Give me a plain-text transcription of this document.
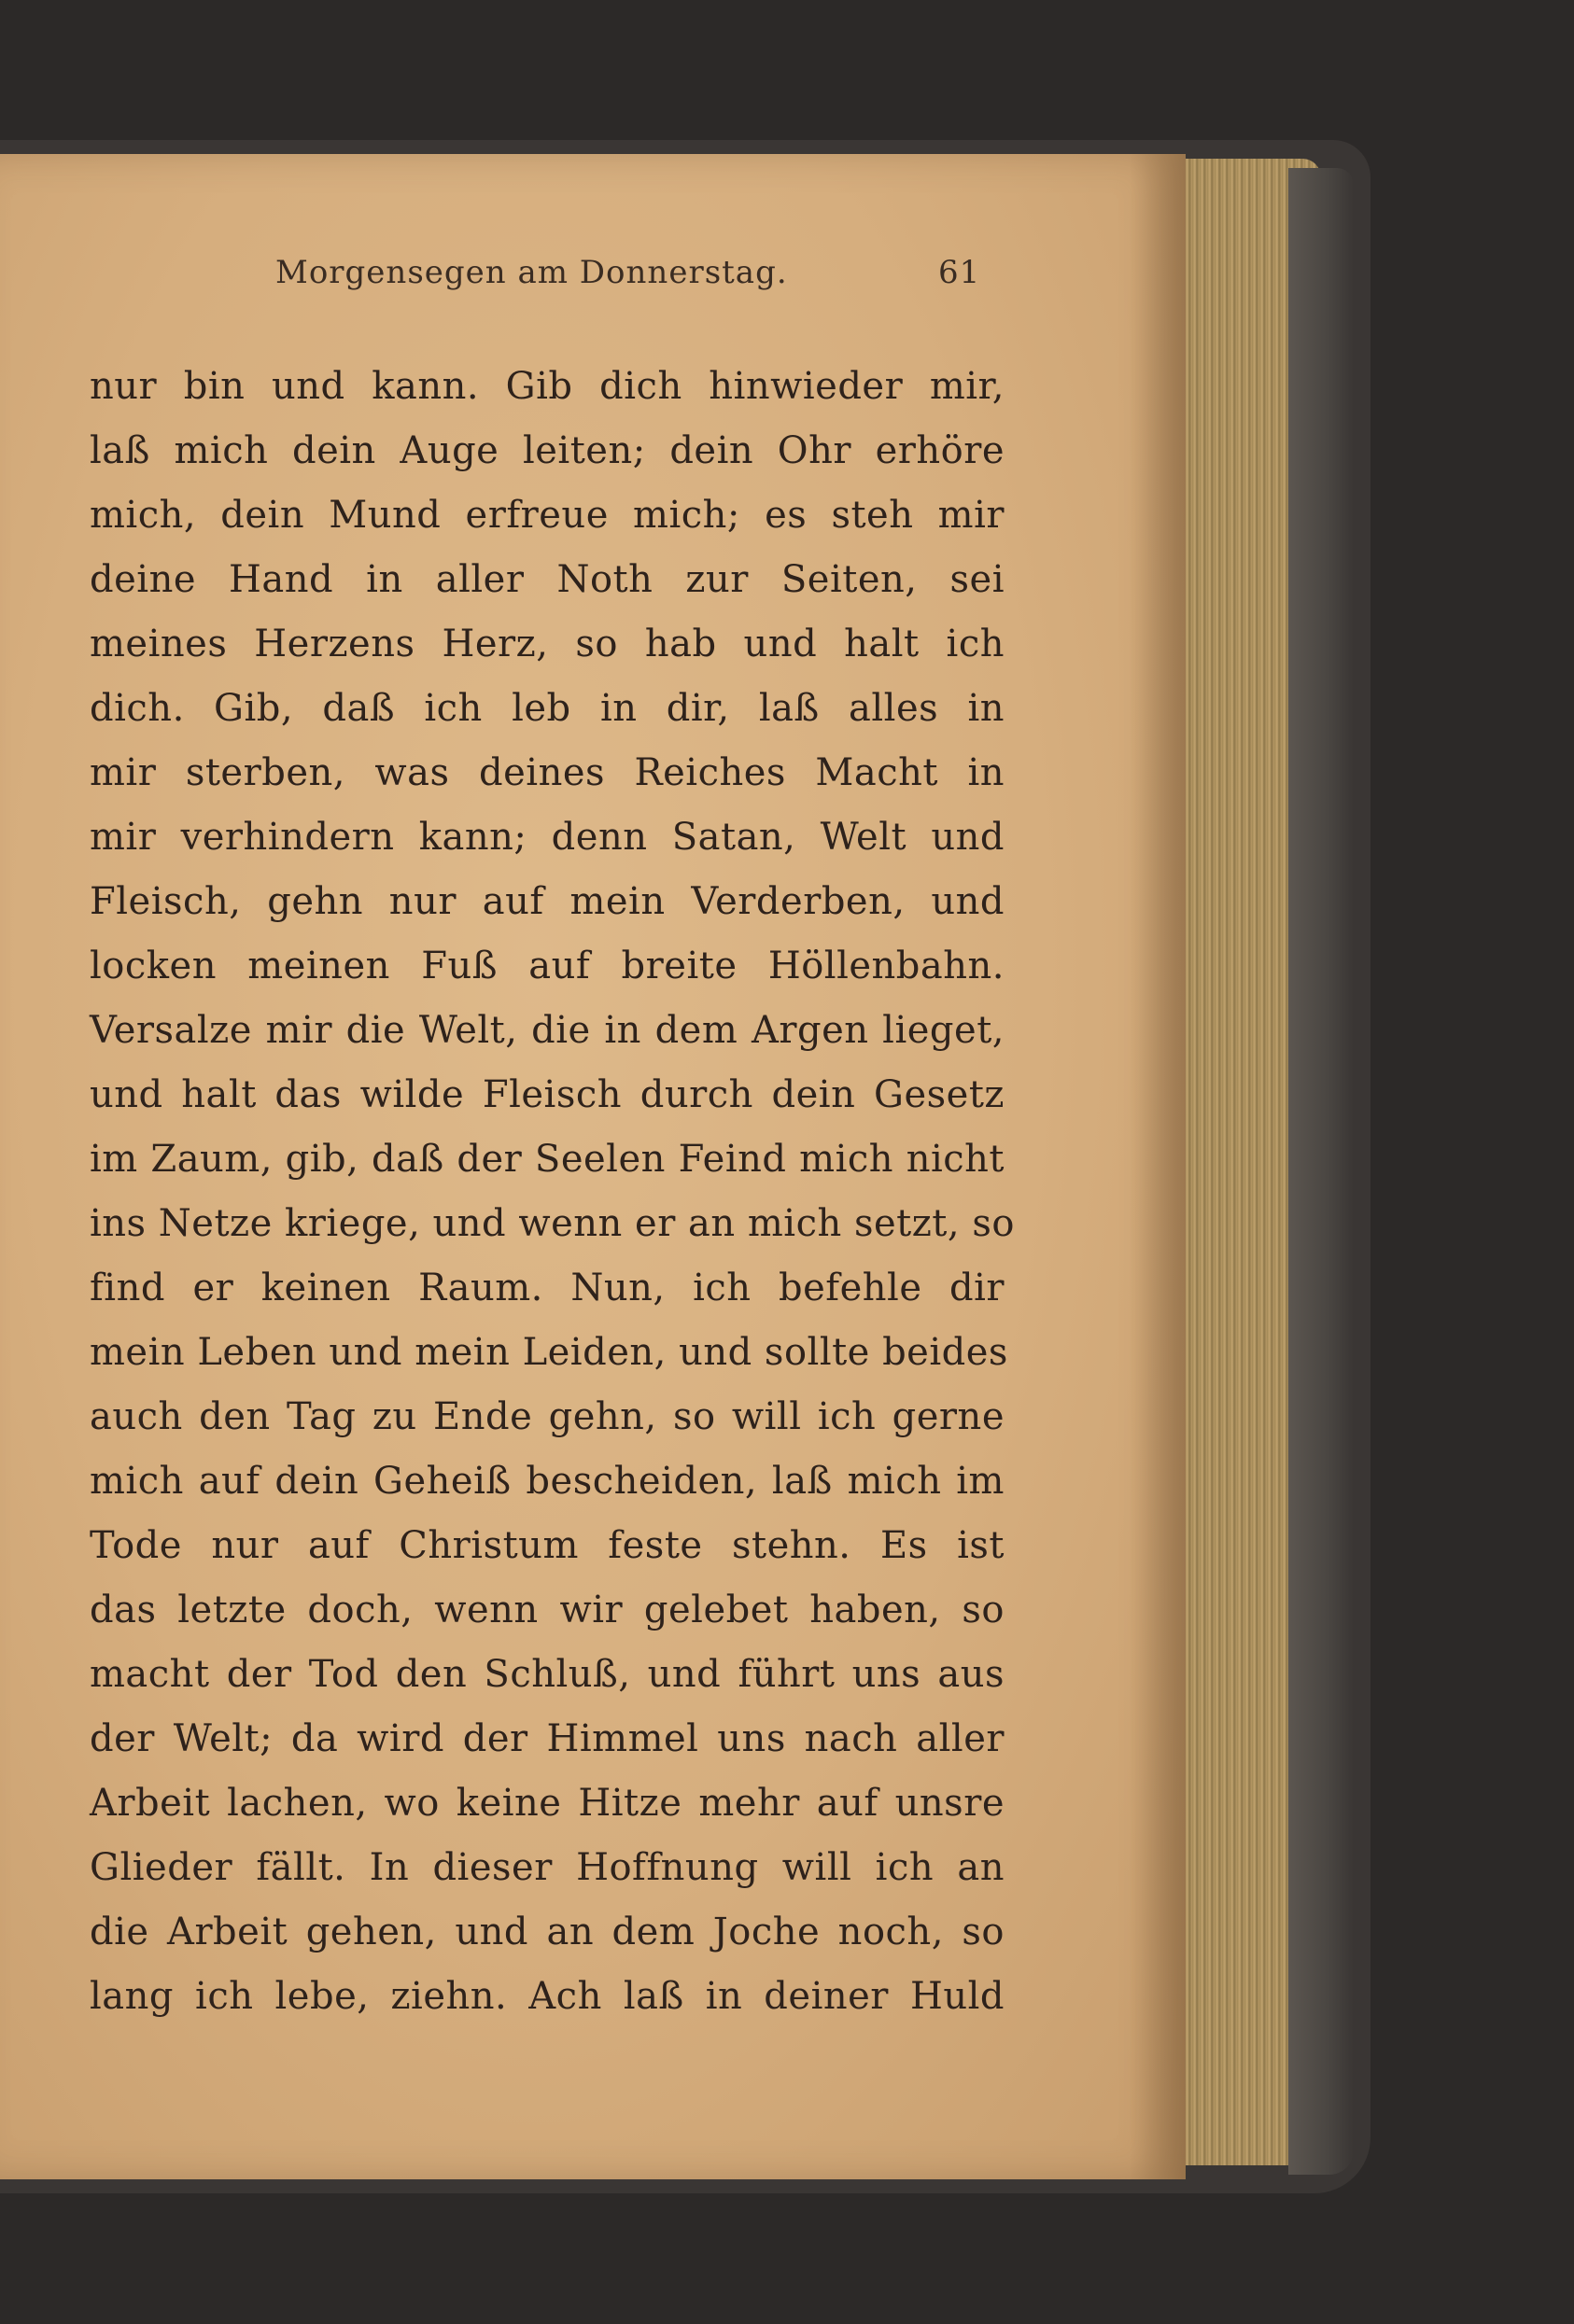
Morgensegen am Donnerstag.	61
nur bin und kann. Gib dich hinwieder mir,
laß mich dein Auge leiten; dein Ohr erhöre
mich, dein Mund erfreue mich; es steh mir
deine Hand in aller Noth zur Seiten, sei
meines Herzens Herz, so hab und halt ich
dich. Gib, daß ich leb in dir, laß alles in
mir sterben, was deines Reiches Macht in
mir verhindern kann; denn Satan, Welt und
Fleisch, gehn nur auf mein Verderben, und
locken meinen Fuß auf breite Höllenbahn.
Versalze mir die Welt, die in dem Argen lieget,
und halt das wilde Fleisch durch dein Gesetz
im Zaum, gib, daß der Seelen Feind mich nicht
ins Netze kriege, und wenn er an mich setzt, so
find er keinen Raum. Nun, ich befehle dir
mein Leben und mein Leiden, und sollte beides
auch den Tag zu Ende gehn, so will ich gerne
mich auf dein Geheiß bescheiden, laß mich im
Tode nur auf Christum feste stehn. Es ist
das letzte doch, wenn wir gelebet haben, so
macht der Tod den Schluß, und führt uns aus
der Welt; da wird der Himmel uns nach aller
Arbeit lachen, wo keine Hitze mehr auf unsre
Glieder fällt. In dieser Hoffnung will ich an
die Arbeit gehen, und an dem Joche noch, so
lang ich lebe, ziehn. Ach laß in deiner Huld
